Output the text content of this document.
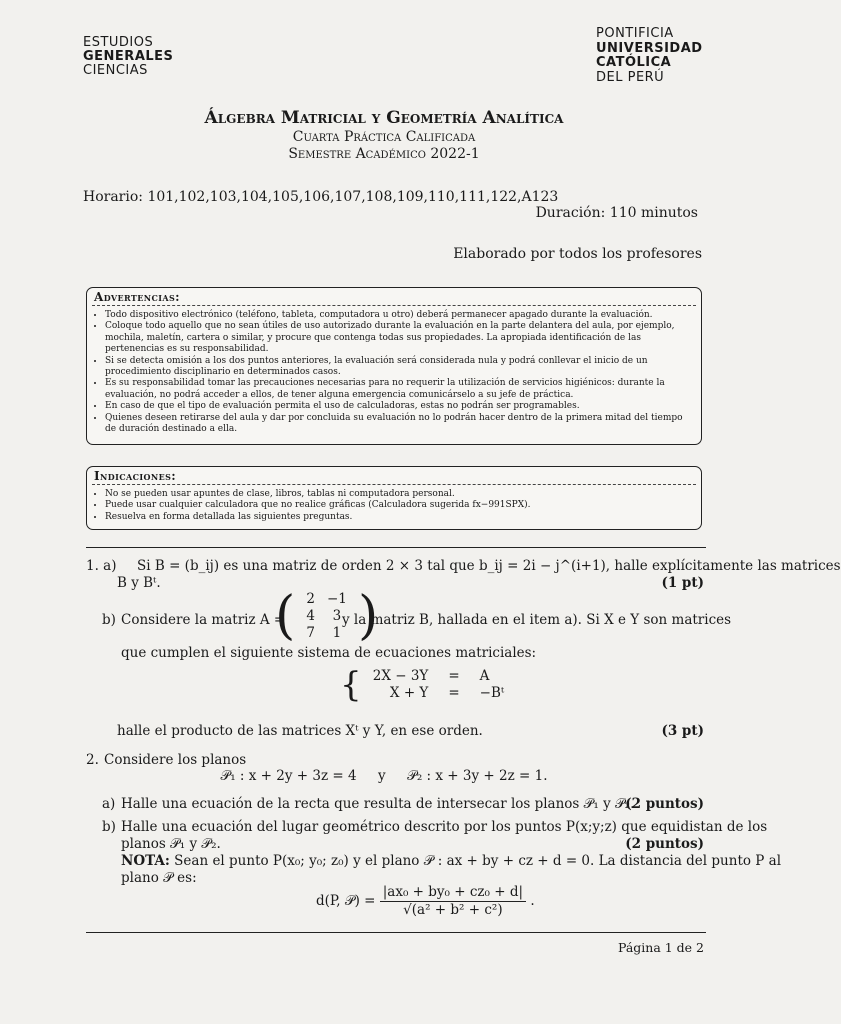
ESTUDIOS
GENERALES
CIENCIAS
PONTIFICIA
UNIVERSIDAD
CATÓLICA
DEL PERÚ
Álgebra Matricial y Geometría Analítica
Cuarta Práctica Calificada
Semestre Académico 2022-1
Horario: 101,102,103,104,105,106,107,108,109,110,111,122,A123
Duración: 110 minutos
Elaborado por todos los profesores
Advertencias:
• Todo dispositivo electrónico (teléfono, tableta, computadora u otro) deberá permanecer apagado durante la evaluación.
• Coloque todo aquello que no sean útiles de uso autorizado durante la evaluación en la parte delantera del aula, por ejemplo, mochila, maletín, cartera o similar, y procure que contenga todas sus propiedades. La apropiada identificación de las pertenencias es su responsabilidad.
• Si se detecta omisión a los dos puntos anteriores, la evaluación será considerada nula y podrá conllevar el inicio de un procedimiento disciplinario en determinados casos.
• Es su responsabilidad tomar las precauciones necesarias para no requerir la utilización de servicios higiénicos: durante la evaluación, no podrá acceder a ellos, de tener alguna emergencia comunicárselo a su jefe de práctica.
• En caso de que el tipo de evaluación permita el uso de calculadoras, estas no podrán ser programables.
• Quienes deseen retirarse del aula y dar por concluida su evaluación no lo podrán hacer dentro de la primera mitad del tiempo de duración destinado a ella.
Indicaciones:
• No se pueden usar apuntes de clase, libros, tablas ni computadora personal.
• Puede usar cualquier calculadora que no realice gráficas (Calculadora sugerida fx−991SPX).
• Resuelva en forma detallada las siguientes preguntas.
1. a) Si B = (b_ij) es una matriz de orden 2 × 3 tal que b_ij = 2i − j^(i+1), halle explícitamente las matrices
B y Bᵗ.	(1 pt)
b) Considere la matriz A =
( 2	−1
4	3
7	1 )
y la matriz B, hallada en el item a). Si X e Y son matrices
que cumplen el siguiente sistema de ecuaciones matriciales:
{ 2X − 3Y	=	A
X + Y	=	−Bᵗ
halle el producto de las matrices Xᵗ y Y, en ese orden.	(3 pt)
2. Considere los planos
𝒫₁ : x + 2y + 3z = 4     y     𝒫₂ : x + 3y + 2z = 1.
a) Halle una ecuación de la recta que resulta de intersecar los planos 𝒫₁ y 𝒫₂.
(2 puntos)
b) Halle una ecuación del lugar geométrico descrito por los puntos P(x;y;z) que equidistan de los
planos 𝒫₁ y 𝒫₂.	(2 puntos)
NOTA: Sean el punto P(x₀; y₀; z₀) y el plano 𝒫 : ax + by + cz + d = 0. La distancia del punto P al
plano 𝒫 es:
d(P, 𝒫) = $\frac{\text{|ax₀ + by₀ + cz₀ + d|}}{\text{√(a² + b² + c²)}}$ .
Página 1 de 2
